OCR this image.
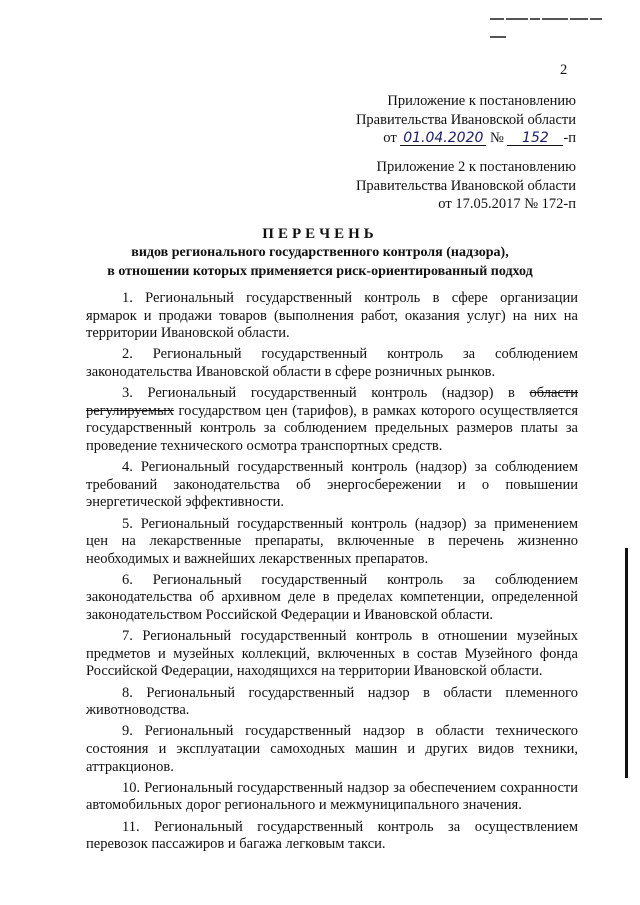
2
Приложение к постановлению
Правительства Ивановской области
от 01.04.2020 № 152 -п
Приложение 2 к постановлению
Правительства Ивановской области
от 17.05.2017 № 172-п
ПЕРЕЧЕНЬ
видов регионального государственного контроля (надзора),
в отношении которых применяется риск-ориентированный подход

1. Региональный государственный контроль в сфере организации ярмарок и продажи товаров (выполнения работ, оказания услуг) на них на территории Ивановской области.

2. Региональный государственный контроль за соблюдением законодательства Ивановской области в сфере розничных рынков.

3. Региональный государственный контроль (надзор) в области регулируемых государством цен (тарифов), в рамках которого осуществляется государственный контроль за соблюдением предельных размеров платы за проведение технического осмотра транспортных средств.

4. Региональный государственный контроль (надзор) за соблюдением требований законодательства об энергосбережении и о повышении энергетической эффективности.

5. Региональный государственный контроль (надзор) за применением цен на лекарственные препараты, включенные в перечень жизненно необходимых и важнейших лекарственных препаратов.

6. Региональный государственный контроль за соблюдением законодательства об архивном деле в пределах компетенции, определенной законодательством Российской Федерации и Ивановской области.

7. Региональный государственный контроль в отношении музейных предметов и музейных коллекций, включенных в состав Музейного фонда Российской Федерации, находящихся на территории Ивановской области.

8. Региональный государственный надзор в области племенного животноводства.

9. Региональный государственный надзор в области технического состояния и эксплуатации самоходных машин и других видов техники, аттракционов.

10. Региональный государственный надзор за обеспечением сохранности автомобильных дорог регионального и межмуниципального значения.

11. Региональный государственный контроль за осуществлением перевозок пассажиров и багажа легковым такси.
